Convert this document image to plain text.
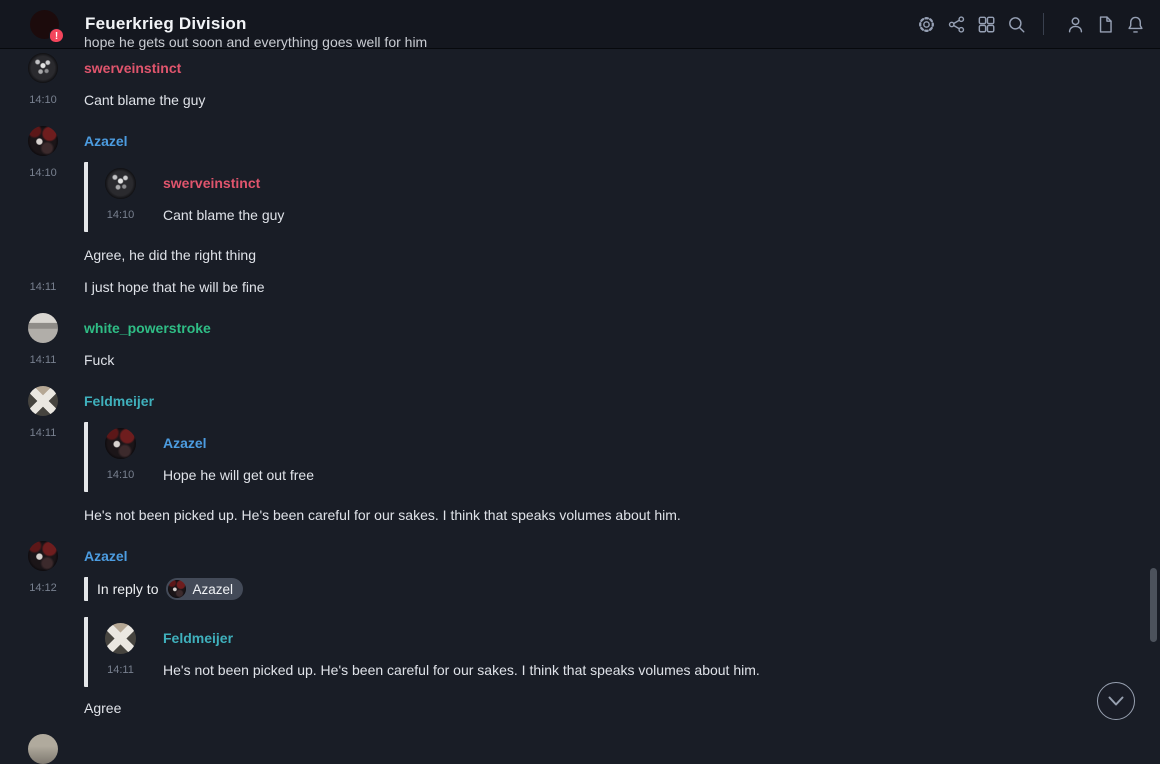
!
Feuerkrieg Division
hope he gets out soon and everything goes well for him
swerveinstinct
14:10	Cant blame the guy
Azazel
14:10
swerveinstinct
14:10 Cant blame the guy
Agree, he did the right thing
14:11	I just hope that he will be fine
white_powerstroke
14:11	Fuck
Feldmeijer
14:11
Azazel
14:10 Hope he will get out free
He's not been picked up. He's been careful for our sakes. I think that speaks volumes about him.
Azazel
14:12	In reply to	Azazel
Feldmeijer
14:11 He's not been picked up. He's been careful for our sakes. I think that speaks volumes about him.
Agree
